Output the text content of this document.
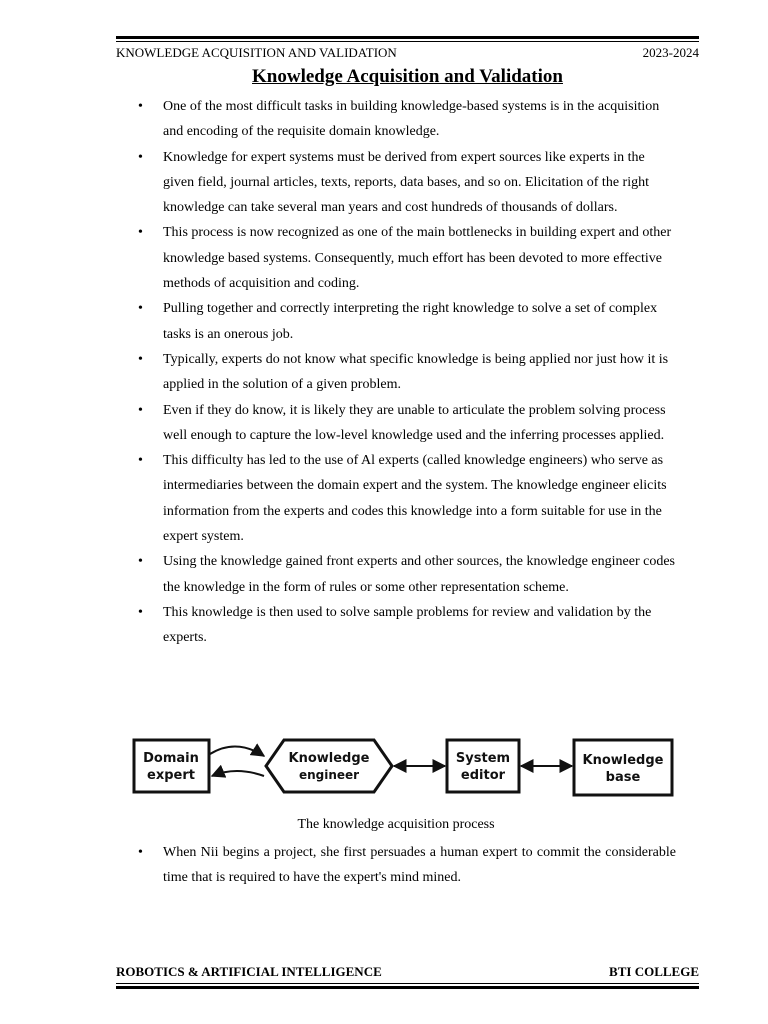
KNOWLEDGE ACQUISITION AND VALIDATION	2023-2024
Knowledge Acquisition and Validation
• One of the most difficult tasks in building knowledge-based systems is in the acquisition and encoding of the requisite domain knowledge.
• Knowledge for expert systems must be derived from expert sources like experts in the given field, journal articles, texts, reports, data bases, and so on. Elicitation of the right knowledge can take several man years and cost hundreds of thousands of dollars.
• This process is now recognized as one of the main bottlenecks in building expert and other knowledge based systems. Consequently, much effort has been devoted to more effective methods of acquisition and coding.
• Pulling together and correctly interpreting the right knowledge to solve a set of complex tasks is an onerous job.
• Typically, experts do not know what specific knowledge is being applied nor just how it is applied in the solution of a given problem.
• Even if they do know, it is likely they are unable to articulate the problem solving process well enough to capture the low-level knowledge used and the inferring processes applied.
• This difficulty has led to the use of Al experts (called knowledge engineers) who serve as intermediaries between the domain expert and the system. The knowledge engineer elicits information from the experts and codes this knowledge into a form suitable for use in the expert system.
• Using the knowledge gained front experts and other sources, the knowledge engineer codes the knowledge in the form of rules or some other representation scheme.
• This knowledge is then used to solve sample problems for review and validation by the experts.
Domain
expert
Knowledge
engineer
System
editor
Knowledge
base
The knowledge acquisition process
• When Nii begins a project, she first persuades a human expert to commit the considerable time that is required to have the expert's mind mined.
ROBOTICS & ARTIFICIAL INTELLIGENCE	BTI COLLEGE
